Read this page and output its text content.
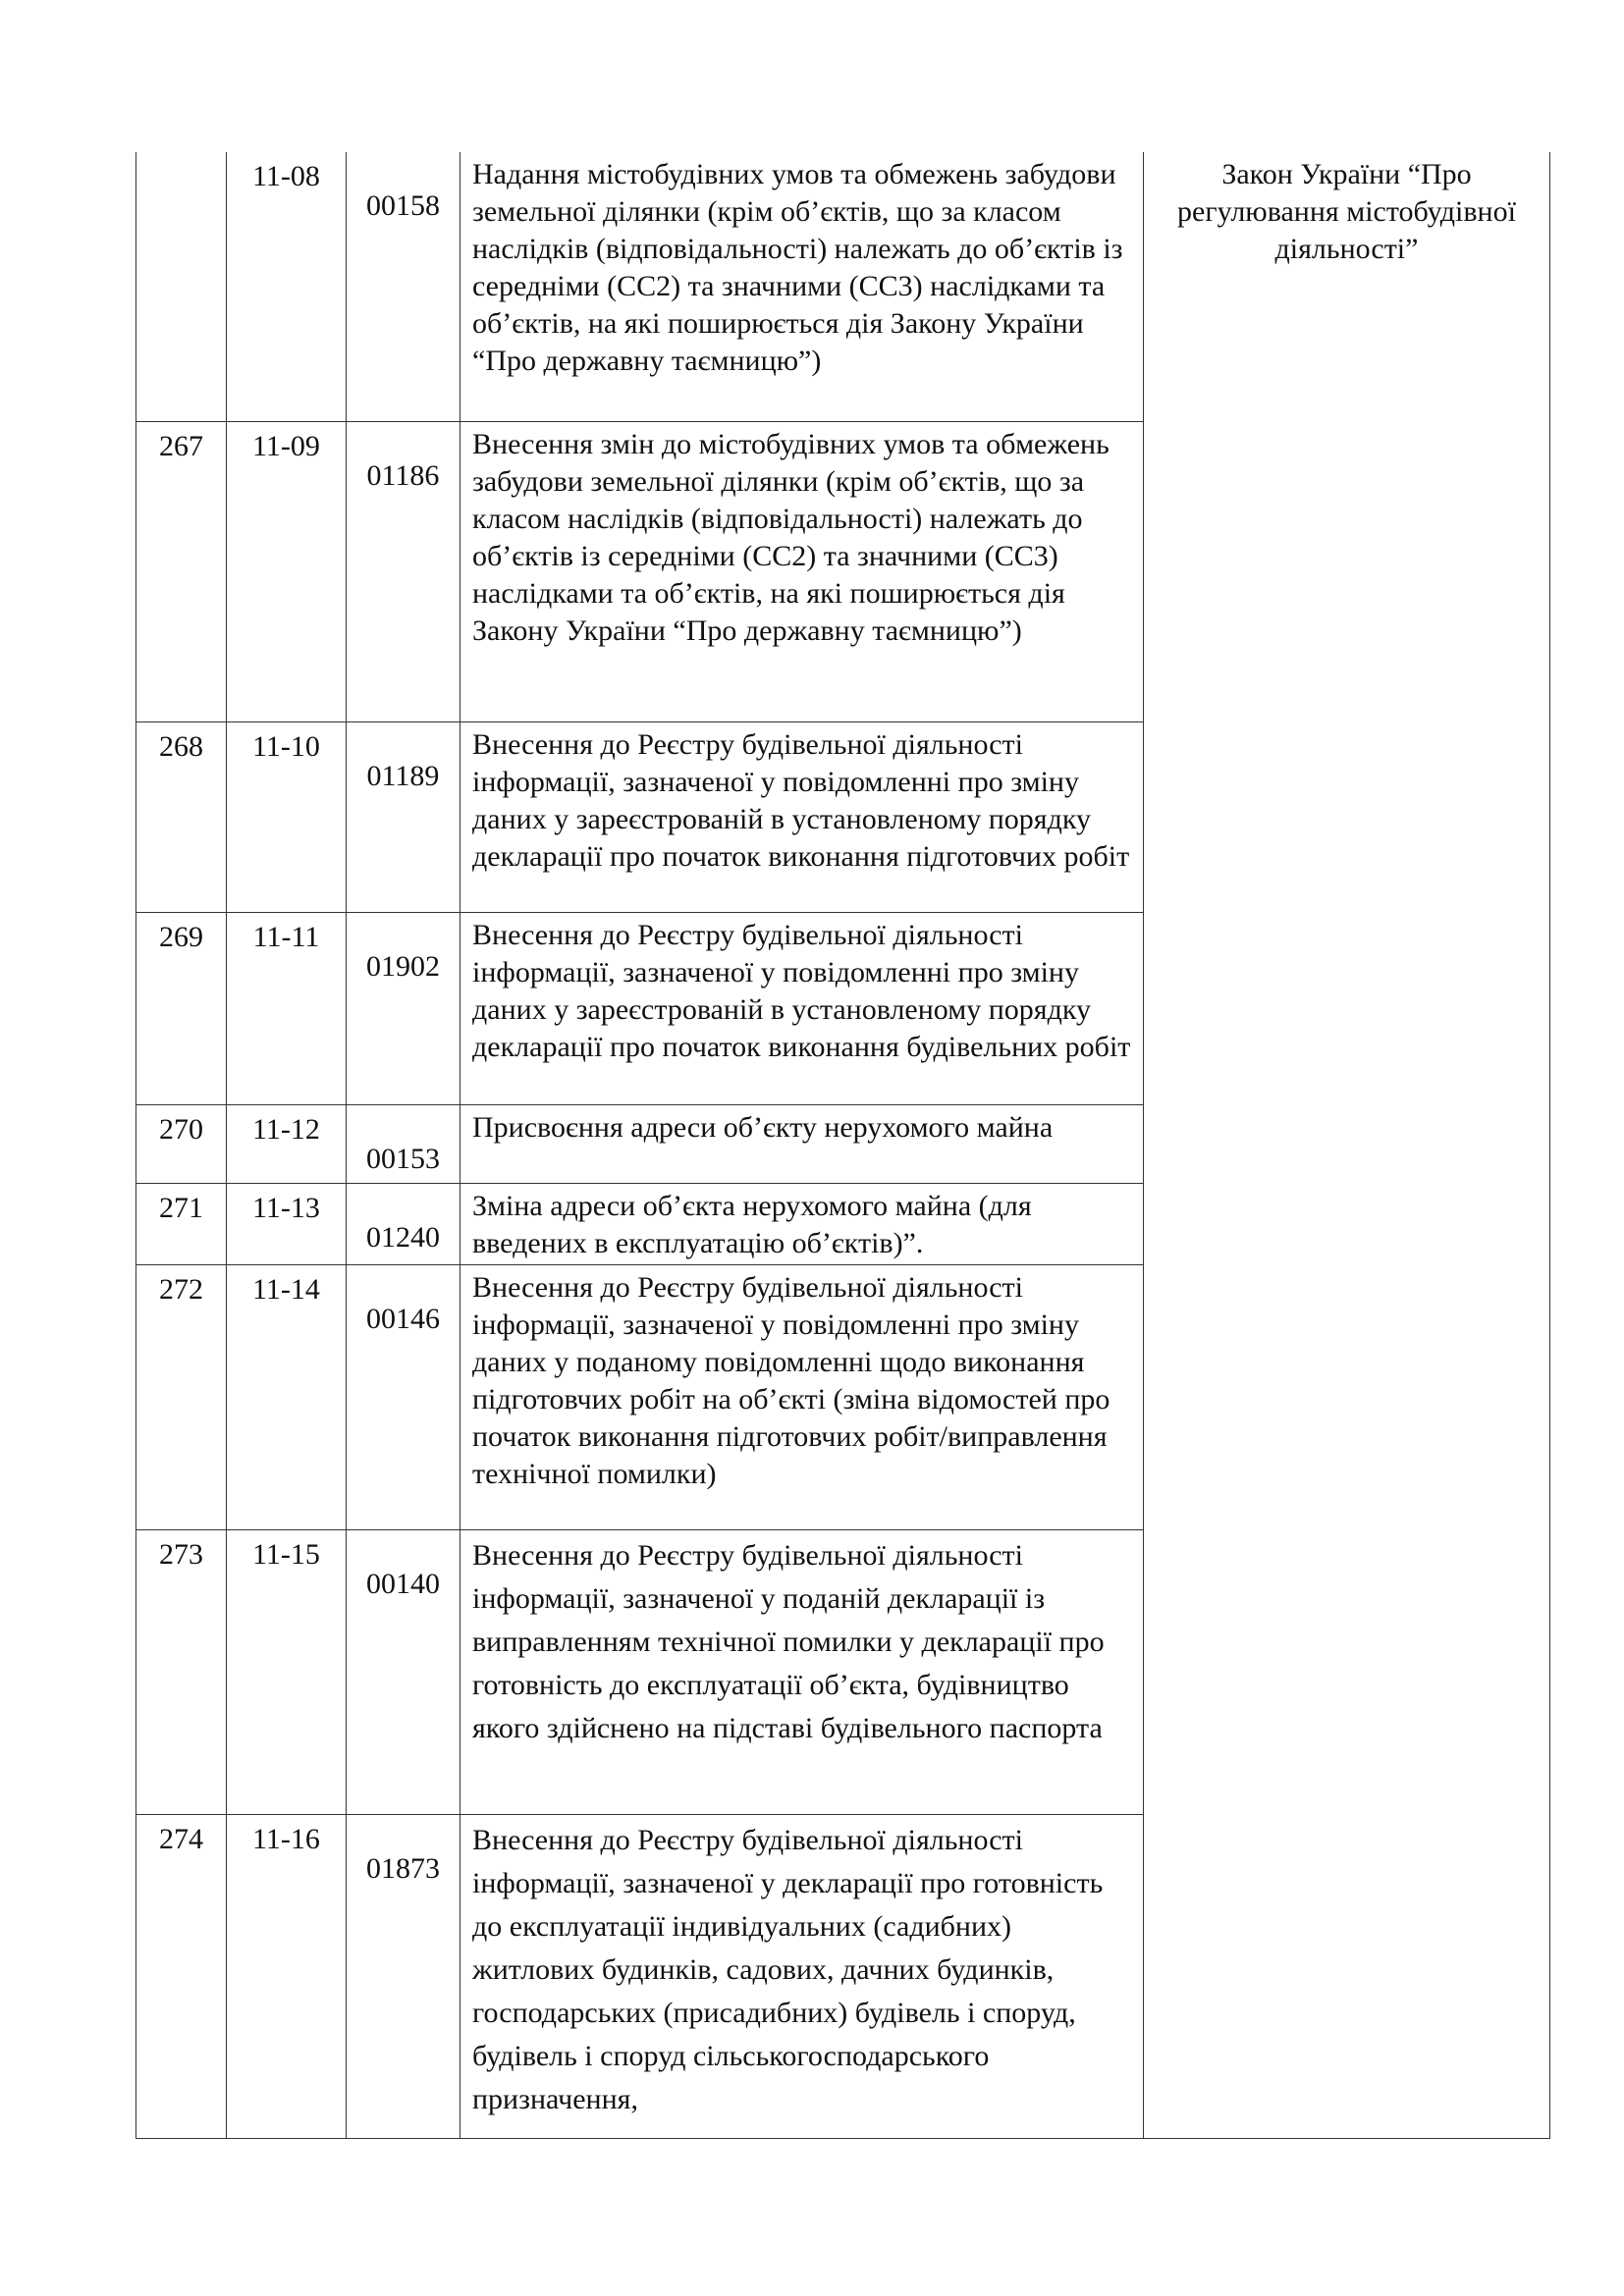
	11-08	00158	Надання містобудівних умов та обмежень забудови земельної ділянки (крім об’єктів, що за класом наслідків (відповідальності) належать до об’єктів із середніми (СС2) та значними (СС3) наслідками та об’єктів, на які поширюється дія Закону України “Про державну таємницю”)	Закон України “Про регулювання містобудівної діяльності”
267	11-09	01186	Внесення змін до містобудівних умов та обмежень забудови земельної ділянки (крім об’єктів, що за класом наслідків (відповідальності) належать до об’єктів із середніми (СС2) та значними (СС3) наслідками та об’єктів, на які поширюється дія Закону України “Про державну таємницю”)	
268	11-10	01189	Внесення до Реєстру будівельної діяльності інформації, зазначеної у повідомленні про зміну даних у зареєстрованій в установленому порядку декларації про початок виконання підготовчих робіт	
269	11-11	01902	Внесення до Реєстру будівельної діяльності інформації, зазначеної у повідомленні про зміну даних у зареєстрованій в установленому порядку декларації про початок виконання будівельних робіт	
270	11-12	00153	Присвоєння адреси об’єкту нерухомого майна	
271	11-13	01240	Зміна адреси об’єкта нерухомого майна (для введених в експлуатацію об’єктів)”.	
272	11-14	00146	Внесення до Реєстру будівельної діяльності інформації, зазначеної у повідомленні про зміну даних у поданому повідомленні щодо виконання підготовчих робіт на об’єкті (зміна відомостей про початок виконання підготовчих робіт/виправлення технічної помилки)	
273	11-15	00140	Внесення до Реєстру будівельної діяльності інформації, зазначеної у поданій декларації із виправленням технічної помилки у декларації про готовність до експлуатації об’єкта, будівництво якого здійснено на підставі будівельного паспорта	
274	11-16	01873	Внесення до Реєстру будівельної діяльності інформації, зазначеної у декларації про готовність до експлуатації індивідуальних (садибних) житлових будинків, садових, дачних будинків, господарських (присадибних) будівель і споруд, будівель і споруд сільськогосподарського призначення,	
